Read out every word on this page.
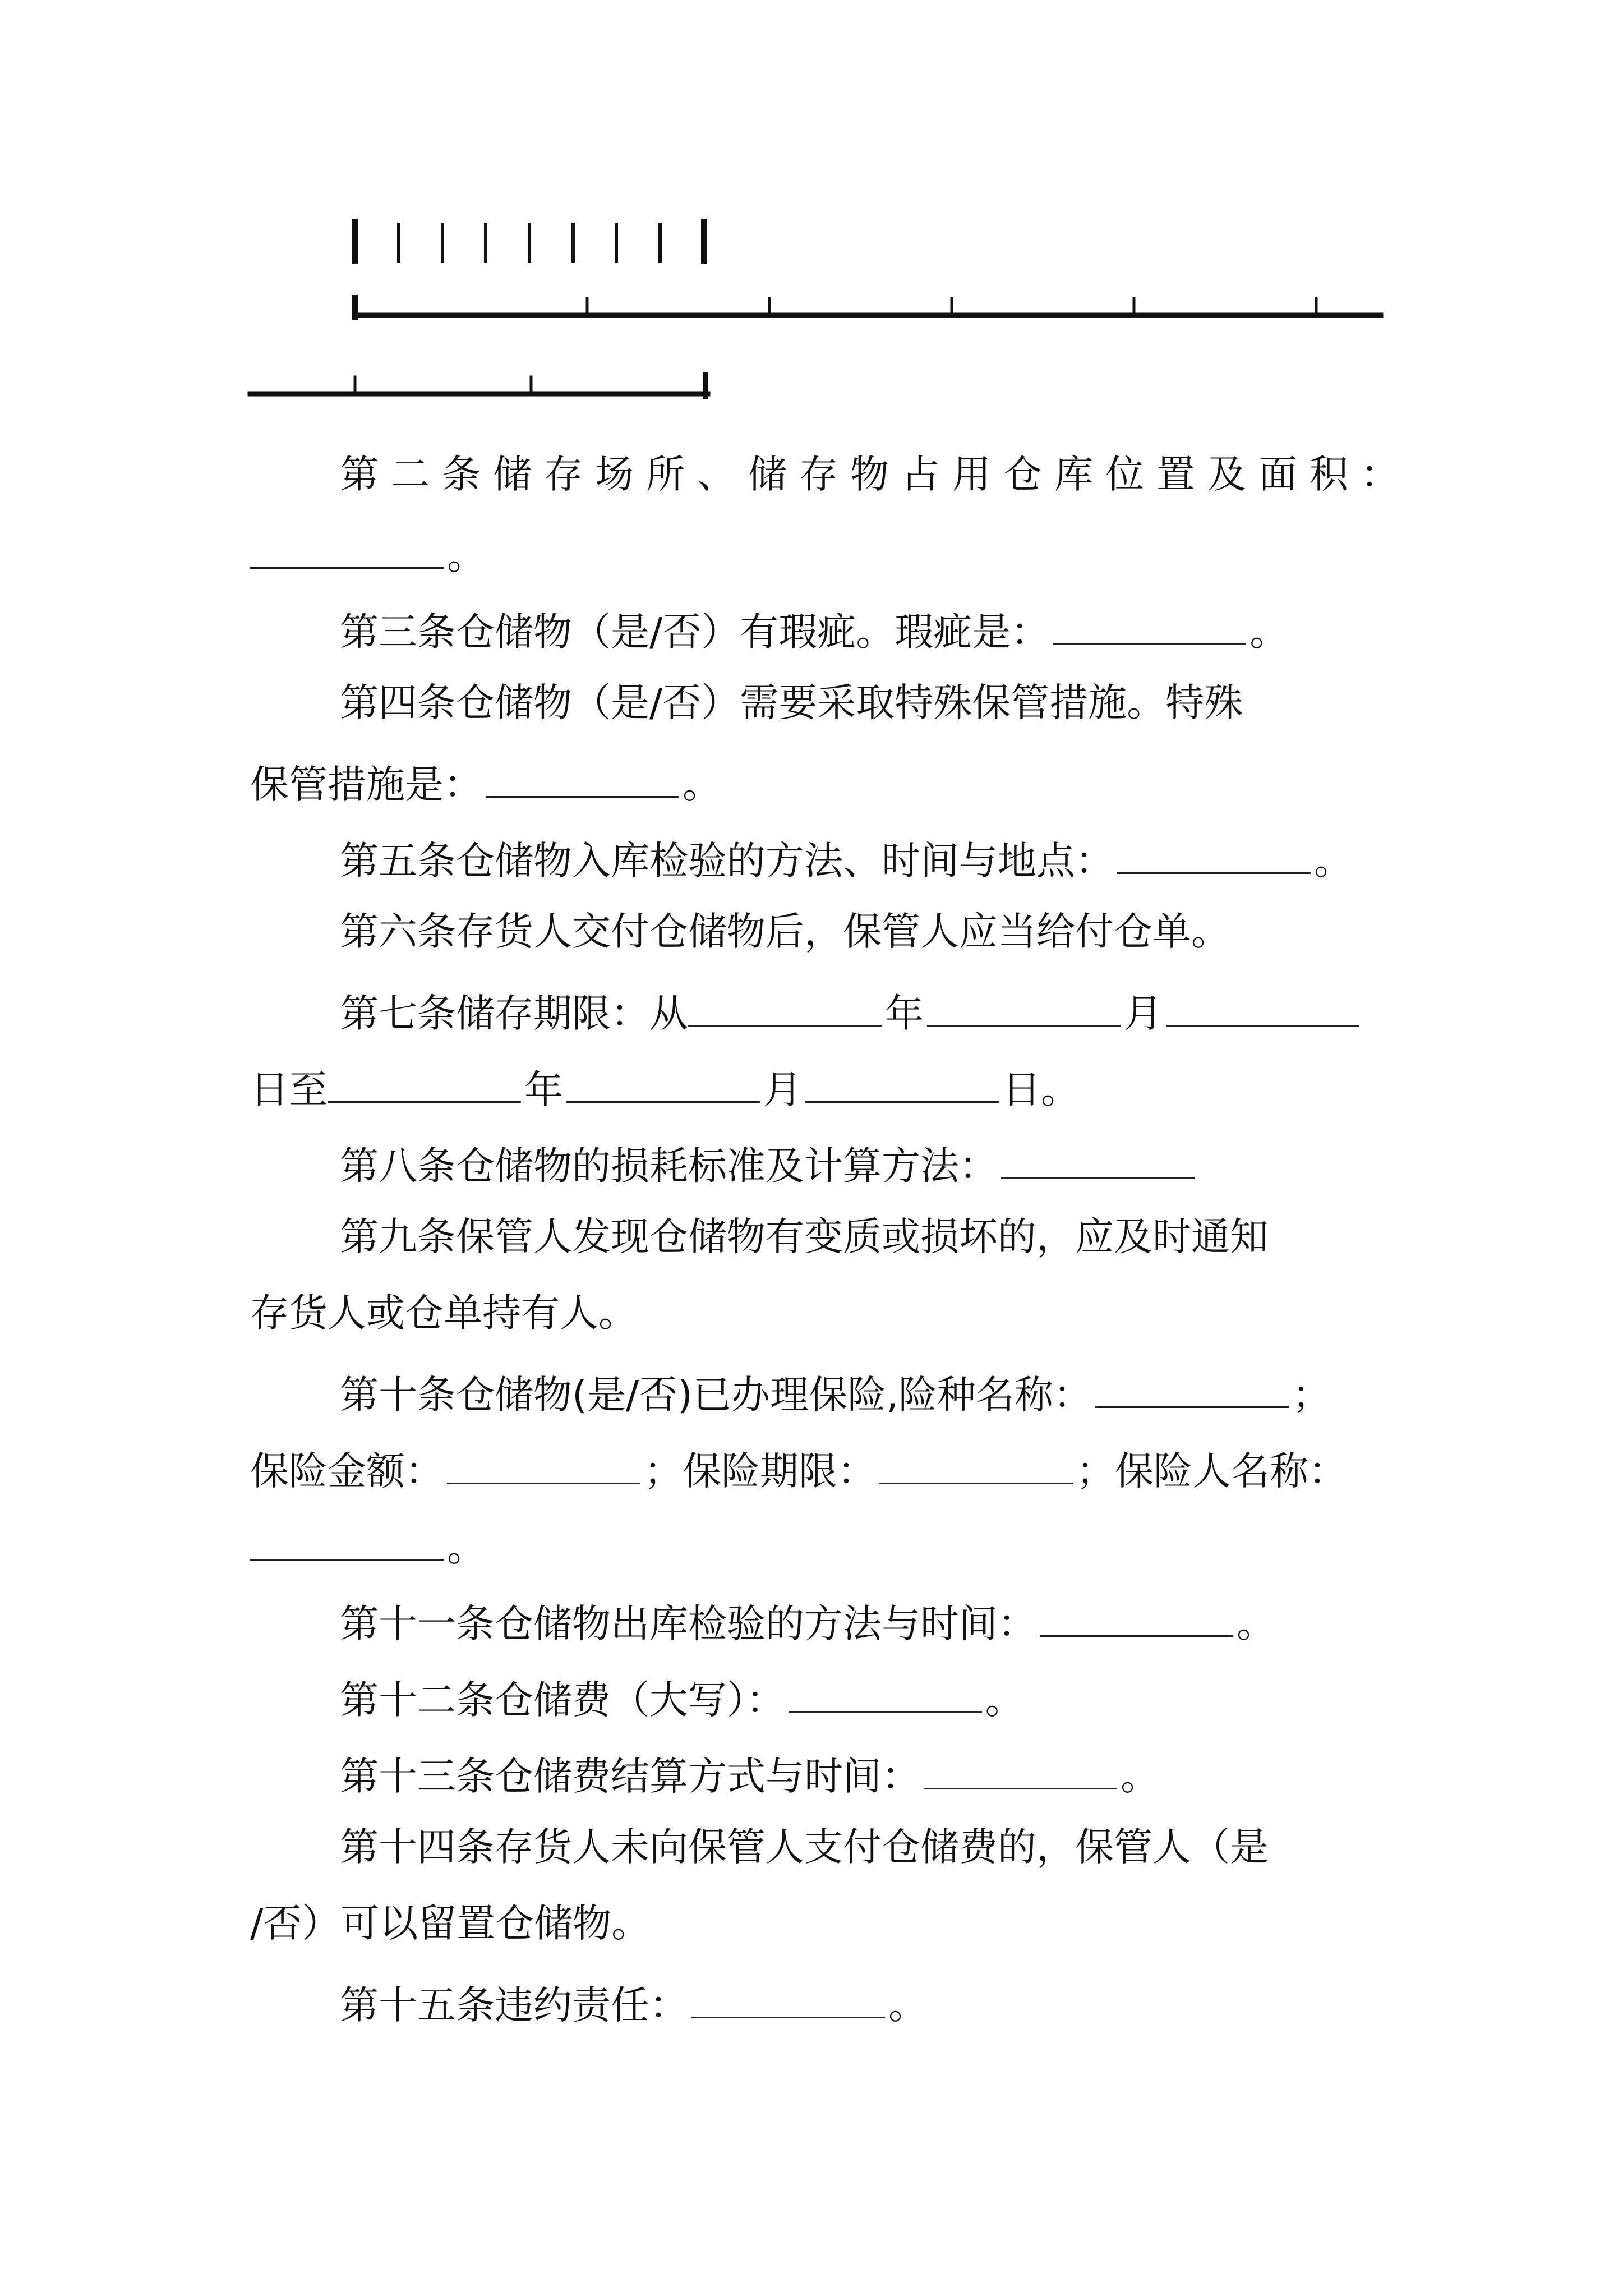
第二条储存场所、储存物占用仓库位置及面积：
。
第三条仓储物（是/否）有瑕疵。瑕疵是：	。
第四条仓储物（是/否）需要采取特殊保管措施。特殊
保管措施是：	。
第五条仓储物入库检验的方法、时间与地点：	。
第六条存货人交付仓储物后，保管人应当给付仓单。
第七条储存期限：从	年	月
日至	年	月	日。
第八条仓储物的损耗标准及计算方法：
第九条保管人发现仓储物有变质或损坏的，应及时通知
存货人或仓单持有人。
第十条仓储物(是/否)已办理保险,险种名称：	；
保险金额：	；保险期限：	；保险人名称：
。
第十一条仓储物出库检验的方法与时间：	。
第十二条仓储费（大写）：	。
第十三条仓储费结算方式与时间：	。
第十四条存货人未向保管人支付仓储费的，保管人（是
/否）可以留置仓储物。
第十五条违约责任：	。
